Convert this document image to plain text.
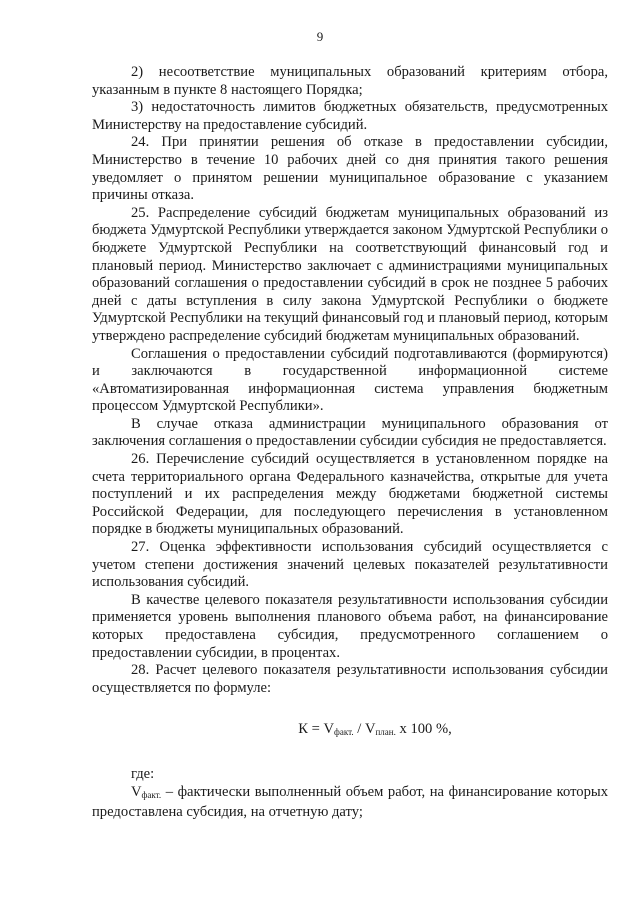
9

2) несоответствие муниципальных образований критериям отбора, указанным в пункте 8 настоящего Порядка;

3) недостаточность лимитов бюджетных обязательств, предусмотренных Министерству на предоставление субсидий.

24. При принятии решения об отказе в предоставлении субсидии, Министерство в течение 10 рабочих дней со дня принятия такого решения уведомляет о принятом решении муниципальное образование с указанием причины отказа.

25. Распределение субсидий бюджетам муниципальных образований из бюджета Удмуртской Республики утверждается законом Удмуртской Республики о бюджете Удмуртской Республики на соответствующий финансовый год и плановый период. Министерство заключает с администрациями муниципальных образований соглашения о предоставлении субсидий в срок не позднее 5 рабочих дней с даты вступления в силу закона Удмуртской Республики о бюджете Удмуртской Республики на текущий финансовый год и плановый период, которым утверждено распределение субсидий бюджетам муниципальных образований.

Соглашения о предоставлении субсидий подготавливаются (формируются) и заключаются в государственной информационной системе «Автоматизированная информационная система управления бюджетным процессом Удмуртской Республики».

В случае отказа администрации муниципального образования от заключения соглашения о предоставлении субсидии субсидия не предоставляется.

26. Перечисление субсидий осуществляется в установленном порядке на счета территориального органа Федерального казначейства, открытые для учета поступлений и их распределения между бюджетами бюджетной системы Российской Федерации, для последующего перечисления в установленном порядке в бюджеты муниципальных образований.

27. Оценка эффективности использования субсидий осуществляется с учетом степени достижения значений целевых показателей результативности использования субсидий.

В качестве целевого показателя результативности использования субсидии применяется уровень выполнения планового объема работ, на финансирование которых предоставлена субсидия, предусмотренного соглашением о предоставлении субсидии, в процентах.

28. Расчет целевого показателя результативности использования субсидии осуществляется по формуле:

$К = V_{факт.} / V_{план.}$ х 100 %,

где:

$V_{факт.}$ – фактически выполненный объем работ, на финансирование которых предоставлена субсидия, на отчетную дату;
